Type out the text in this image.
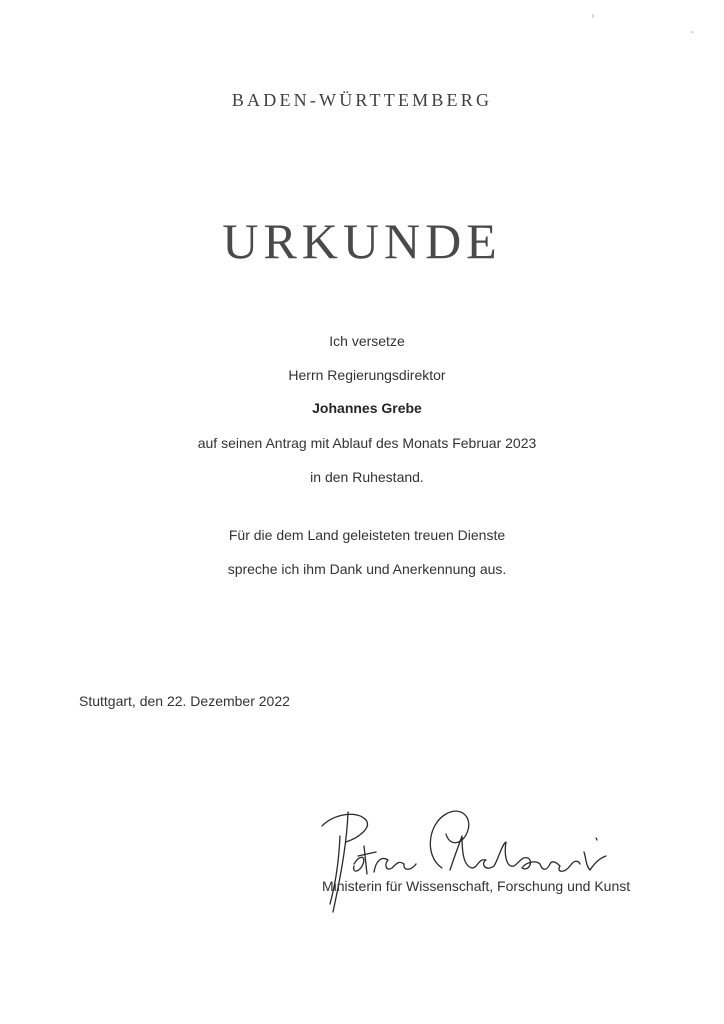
BADEN-WÜRTTEMBERG
URKUNDE
Ich versetze
Herrn Regierungsdirektor
Johannes Grebe
auf seinen Antrag mit Ablauf des Monats Februar 2023
in den Ruhestand.
Für die dem Land geleisteten treuen Dienste
spreche ich ihm Dank und Anerkennung aus.
Stuttgart, den 22. Dezember 2022
Ministerin für Wissenschaft, Forschung und Kunst
